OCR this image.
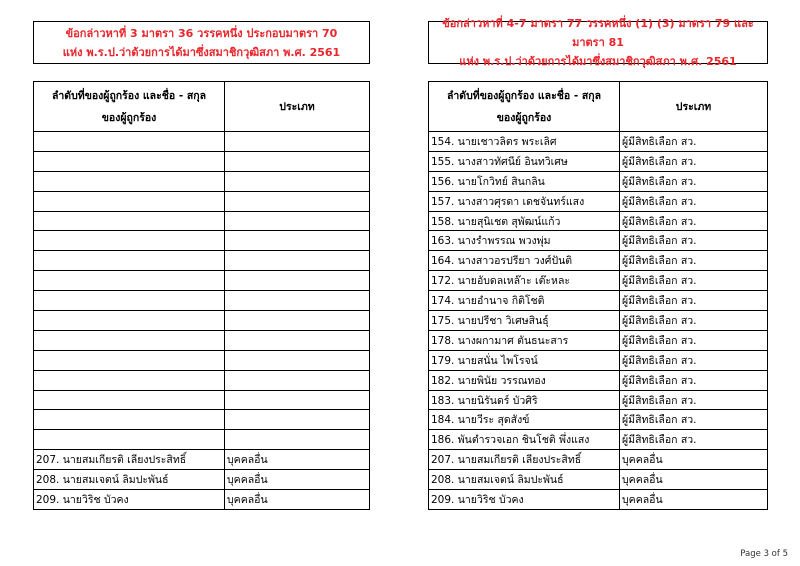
ข้อกล่าวหาที่ 3 มาตรา 36 วรรคหนึ่ง ประกอบมาตรา 70
แห่ง พ.ร.ป.ว่าด้วยการได้มาซึ่งสมาชิกวุฒิสภา พ.ศ. 2561
ลำดับที่ของผู้ถูกร้อง และชื่อ - สกุล
ของผู้ถูกร้อง	ประเภท

207. นายสมเกียรติ เลียงประสิทธิ์	บุคคลอื่น
208. นายสมเจตน์ ลิมปะพันธ์	บุคคลอื่น
209. นายวิริช บัวคง	บุคคลอื่น
ข้อกล่าวหาที่ 4-7 มาตรา 77 วรรคหนึ่ง (1) (3) มาตรา 79 และมาตรา 81
แห่ง พ.ร.ป.ว่าด้วยการได้มาซึ่งสมาชิกวุฒิสภา พ.ศ. 2561
ลำดับที่ของผู้ถูกร้อง และชื่อ - สกุล
ของผู้ถูกร้อง	ประเภท
154. นายเชาวลิตร พระเลิศ	ผู้มีสิทธิเลือก สว.
155. นางสาวทัศนีย์ อินทวิเศษ	ผู้มีสิทธิเลือก สว.
156. นายโกวิทย์ สินกลิน	ผู้มีสิทธิเลือก สว.
157. นางสาวศุรดา เดชจันทร์แสง	ผู้มีสิทธิเลือก สว.
158. นายสุนิเชต สุพัฒน์แก้ว	ผู้มีสิทธิเลือก สว.
163. นางรำพรรณ พวงพุ่ม	ผู้มีสิทธิเลือก สว.
164. นางสาวอรปรียา วงศ์ปันติ	ผู้มีสิทธิเลือก สว.
172. นายอับดลเหล๊าะ เต๊ะหละ	ผู้มีสิทธิเลือก สว.
174. นายอำนาจ กิติโชติ	ผู้มีสิทธิเลือก สว.
175. นายปรีชา วิเศษสินธุ์	ผู้มีสิทธิเลือก สว.
178. นางผกามาศ ตันธนะสาร	ผู้มีสิทธิเลือก สว.
179. นายสนั่น ไพโรจน์	ผู้มีสิทธิเลือก สว.
182. นายพินัย วรรณทอง	ผู้มีสิทธิเลือก สว.
183. นายนิรันดร์ บัวศิริ	ผู้มีสิทธิเลือก สว.
184. นายวีระ สุดสังข์	ผู้มีสิทธิเลือก สว.
186. พันตำรวจเอก ชินโชติ พึ่งแสง	ผู้มีสิทธิเลือก สว.
207. นายสมเกียรติ เลียงประสิทธิ์	บุคคลอื่น
208. นายสมเจตน์ ลิมปะพันธ์	บุคคลอื่น
209. นายวิริช บัวคง	บุคคลอื่น
Page 3 of 5
